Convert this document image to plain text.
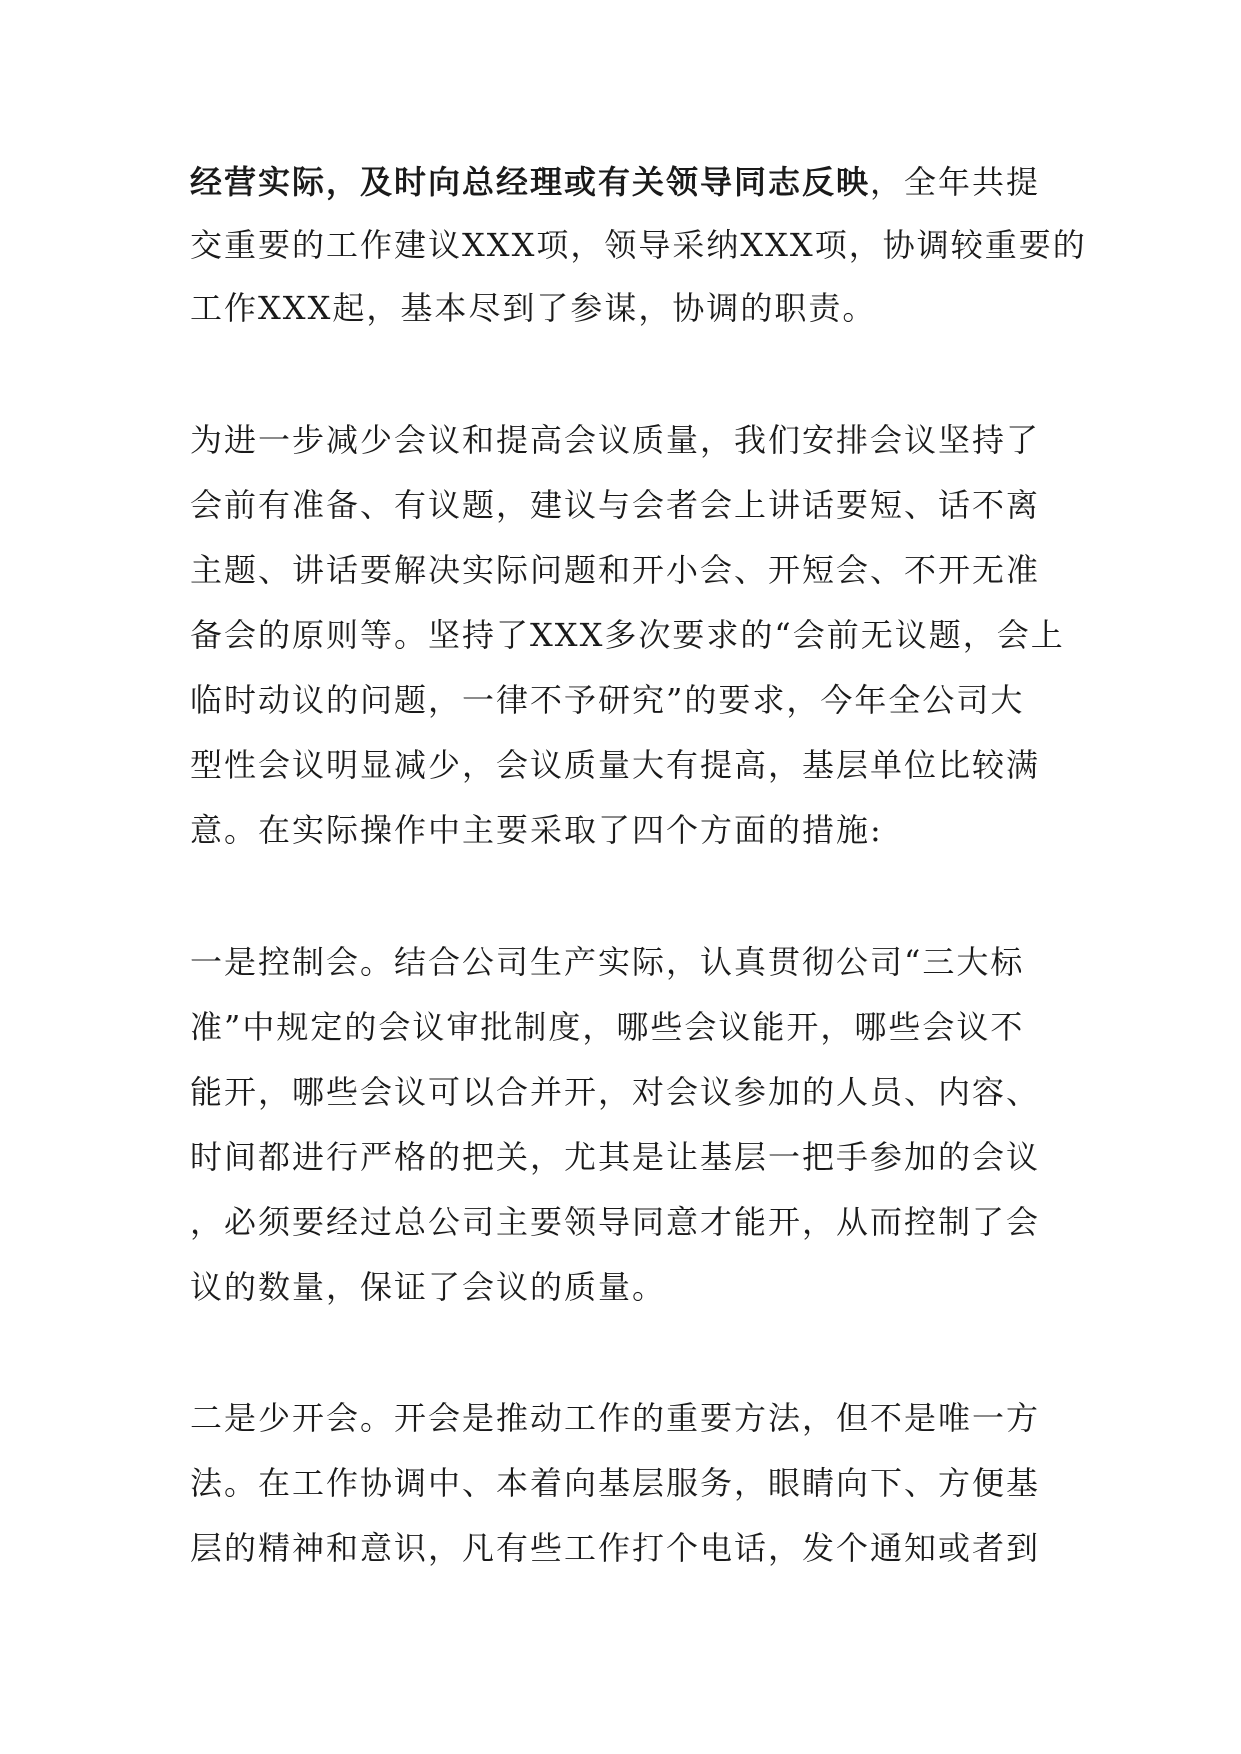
经营实际，及时向总经理或有关领导同志反映，全年共提
交重要的工作建议XXX项，领导采纳XXX项，协调较重要的
工作XXX起，基本尽到了参谋，协调的职责。
为进一步减少会议和提高会议质量，我们安排会议坚持了
会前有准备、有议题，建议与会者会上讲话要短、话不离
主题、讲话要解决实际问题和开小会、开短会、不开无准
备会的原则等。坚持了XXX多次要求的“会前无议题，会上
临时动议的问题，一律不予研究”的要求，今年全公司大
型性会议明显减少，会议质量大有提高，基层单位比较满
意。在实际操作中主要采取了四个方面的措施:
一是控制会。结合公司生产实际，认真贯彻公司“三大标
准”中规定的会议审批制度，哪些会议能开，哪些会议不
能开，哪些会议可以合并开，对会议参加的人员、内容、
时间都进行严格的把关，尤其是让基层一把手参加的会议
，必须要经过总公司主要领导同意才能开，从而控制了会
议的数量，保证了会议的质量。
二是少开会。开会是推动工作的重要方法，但不是唯一方
法。在工作协调中、本着向基层服务，眼睛向下、方便基
层的精神和意识，凡有些工作打个电话，发个通知或者到
